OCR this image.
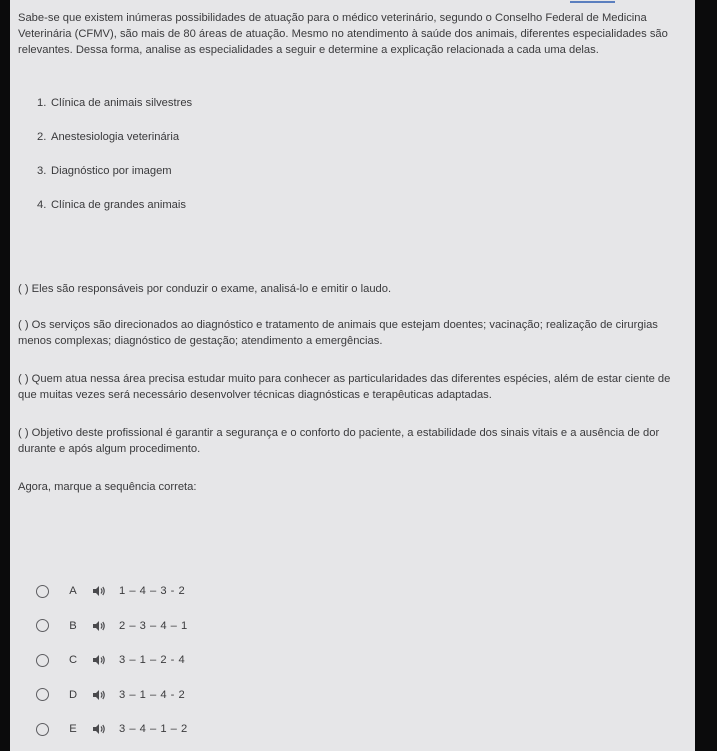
Sabe-se que existem inúmeras possibilidades de atuação para o médico veterinário, segundo o Conselho Federal de Medicina Veterinária (CFMV), são mais de 80 áreas de atuação. Mesmo no atendimento à saúde dos animais, diferentes especialidades são relevantes. Dessa forma, analise as especialidades a seguir e determine a explicação relacionada a cada uma delas.

1. Clínica de animais silvestres
2. Anestesiologia veterinária
3. Diagnóstico por imagem
4. Clínica de grandes animais

( ) Eles são responsáveis por conduzir o exame, analisá-lo e emitir o laudo.

( ) Os serviços são direcionados ao diagnóstico e tratamento de animais que estejam doentes; vacinação; realização de cirurgias menos complexas; diagnóstico de gestação; atendimento a emergências.

( ) Quem atua nessa área precisa estudar muito para conhecer as particularidades das diferentes espécies, além de estar ciente de que muitas vezes será necessário desenvolver técnicas diagnósticas e terapêuticas adaptadas.

( ) Objetivo deste profissional é garantir a segurança e o conforto do paciente, a estabilidade dos sinais vitais e a ausência de dor durante e após algum procedimento.

Agora, marque a sequência correta:

A	1 – 4 – 3 - 2
B	2 – 3 – 4 – 1
C	3 – 1 – 2 - 4
D	3 – 1 – 4 - 2
E	3 – 4 – 1 – 2
